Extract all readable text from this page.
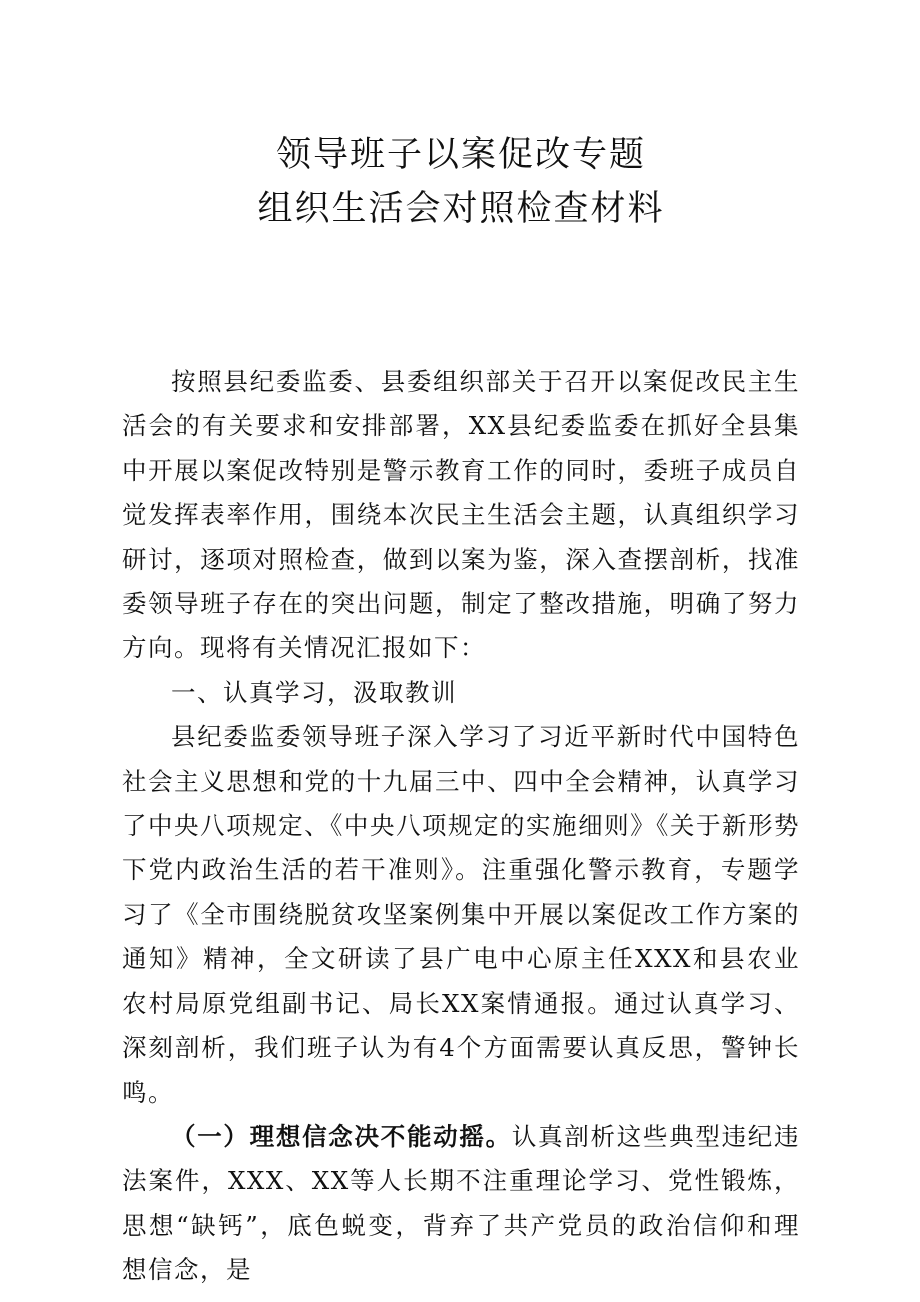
领导班子以案促改专题
组织生活会对照检查材料

按照县纪委监委、县委组织部关于召开以案促改民主生活会的有关要求和安排部署，XX县纪委监委在抓好全县集中开展以案促改特别是警示教育工作的同时，委班子成员自觉发挥表率作用，围绕本次民主生活会主题，认真组织学习研讨，逐项对照检查，做到以案为鉴，深入查摆剖析，找准委领导班子存在的突出问题，制定了整改措施，明确了努力方向。现将有关情况汇报如下：

一、认真学习，汲取教训

县纪委监委领导班子深入学习了习近平新时代中国特色社会主义思想和党的十九届三中、四中全会精神，认真学习了中央八项规定、《中央八项规定的实施细则》《关于新形势下党内政治生活的若干准则》。注重强化警示教育，专题学习了《全市围绕脱贫攻坚案例集中开展以案促改工作方案的通知》精神，全文研读了县广电中心原主任XXX和县农业农村局原党组副书记、局长XX案情通报。通过认真学习、深刻剖析，我们班子认为有4个方面需要认真反思，警钟长鸣。

（一）理想信念决不能动摇。认真剖析这些典型违纪违法案件，XXX、XX等人长期不注重理论学习、党性锻炼，思想“缺钙”，底色蜕变，背弃了共产党员的政治信仰和理想信念，是
